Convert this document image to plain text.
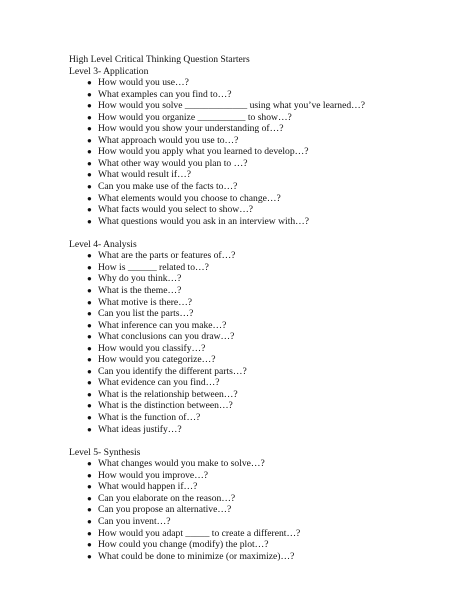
High Level Critical Thinking Question Starters
Level 3- Application
● How would you use…?
● What examples can you find to…?
● How would you solve _____________ using what you’ve learned…?
● How would you organize __________ to show…?
● How would you show your understanding of…?
● What approach would you use to…?
● How would you apply what you learned to develop…?
● What other way would you plan to …?
● What would result if…?
● Can you make use of the facts to…?
● What elements would you choose to change…?
● What facts would you select to show…?
● What questions would you ask in an interview with…?
Level 4- Analysis
● What are the parts or features of…?
● How is ______ related to…?
● Why do you think…?
● What is the theme…?
● What motive is there…?
● Can you list the parts…?
● What inference can you make…?
● What conclusions can you draw…?
● How would you classify…?
● How would you categorize…?
● Can you identify the different parts…?
● What evidence can you find…?
● What is the relationship between…?
● What is the distinction between…?
● What is the function of…?
● What ideas justify…?
Level 5- Synthesis
● What changes would you make to solve…?
● How would you improve…?
● What would happen if…?
● Can you elaborate on the reason…?
● Can you propose an alternative…?
● Can you invent…?
● How would you adapt _____ to create a different…?
● How could you change (modify) the plot…?
● What could be done to minimize (or maximize)…?
